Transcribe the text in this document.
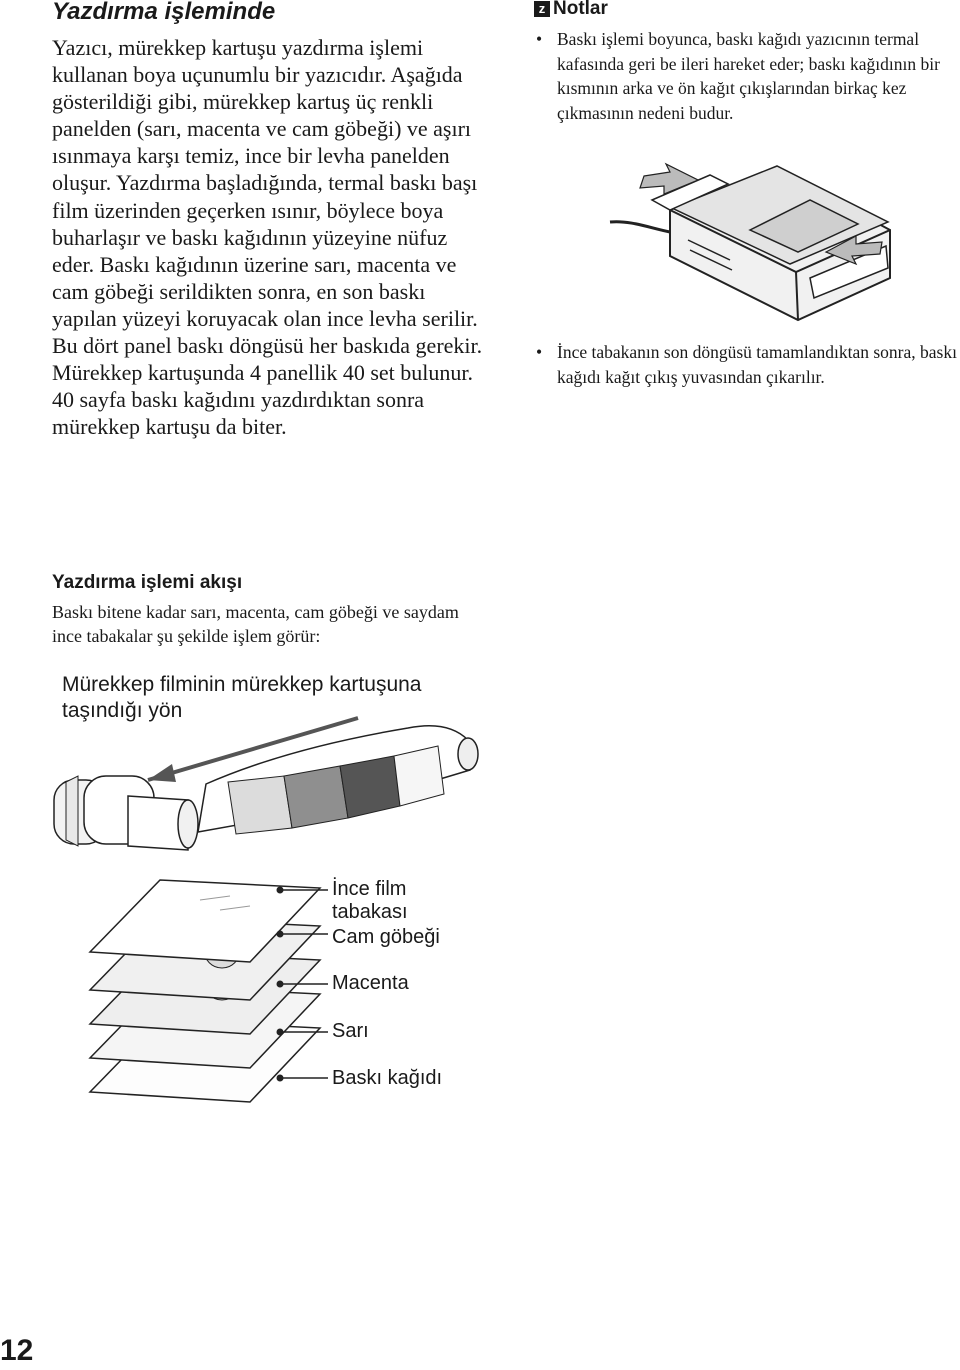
Yazdırma işleminde

Yazıcı, mürekkep kartuşu yazdırma işlemi kullanan boya uçunumlu bir yazıcıdır. Aşağıda gösterildiği gibi, mürekkep kartuş üç renkli panelden (sarı, macenta ve cam göbeği) ve aşırı ısınmaya karşı temiz, ince bir levha panelden oluşur. Yazdırma başladığında, termal baskı başı film üzerinden geçerken ısınır, böylece boya buharlaşır ve baskı kağıdının yüzeyine nüfuz eder. Baskı kağıdının üzerine sarı, macenta ve cam göbeği serildikten sonra, en son baskı yapılan yüzeyi koruyacak olan ince levha serilir.

Bu dört panel baskı döngüsü her baskıda gerekir.

Mürekkep kartuşunda 4 panellik 40 set bulunur. 40 sayfa baskı kağıdını yazdırdıktan sonra mürekkep kartuşu da biter.

Yazdırma işlemi akışı
Baskı bitene kadar sarı, macenta, cam göbeği ve saydam ince tabakalar şu şekilde işlem görür:
z Notlar
• Baskı işlemi boyunca, baskı kağıdı yazıcının termal kafasında geri be ileri hareket eder; baskı kağıdının bir kısmının arka ve ön kağıt çıkışlarından birkaç kez çıkmasının nedeni budur.
• İnce tabakanın son döngüsü tamamlandıktan sonra, baskı kağıdı kağıt çıkış yuvasından çıkarılır.
Mürekkep filminin mürekkep kartuşuna taşındığı yön
İnce film tabakası
Cam göbeği
Macenta
Sarı
Baskı kağıdı
12
